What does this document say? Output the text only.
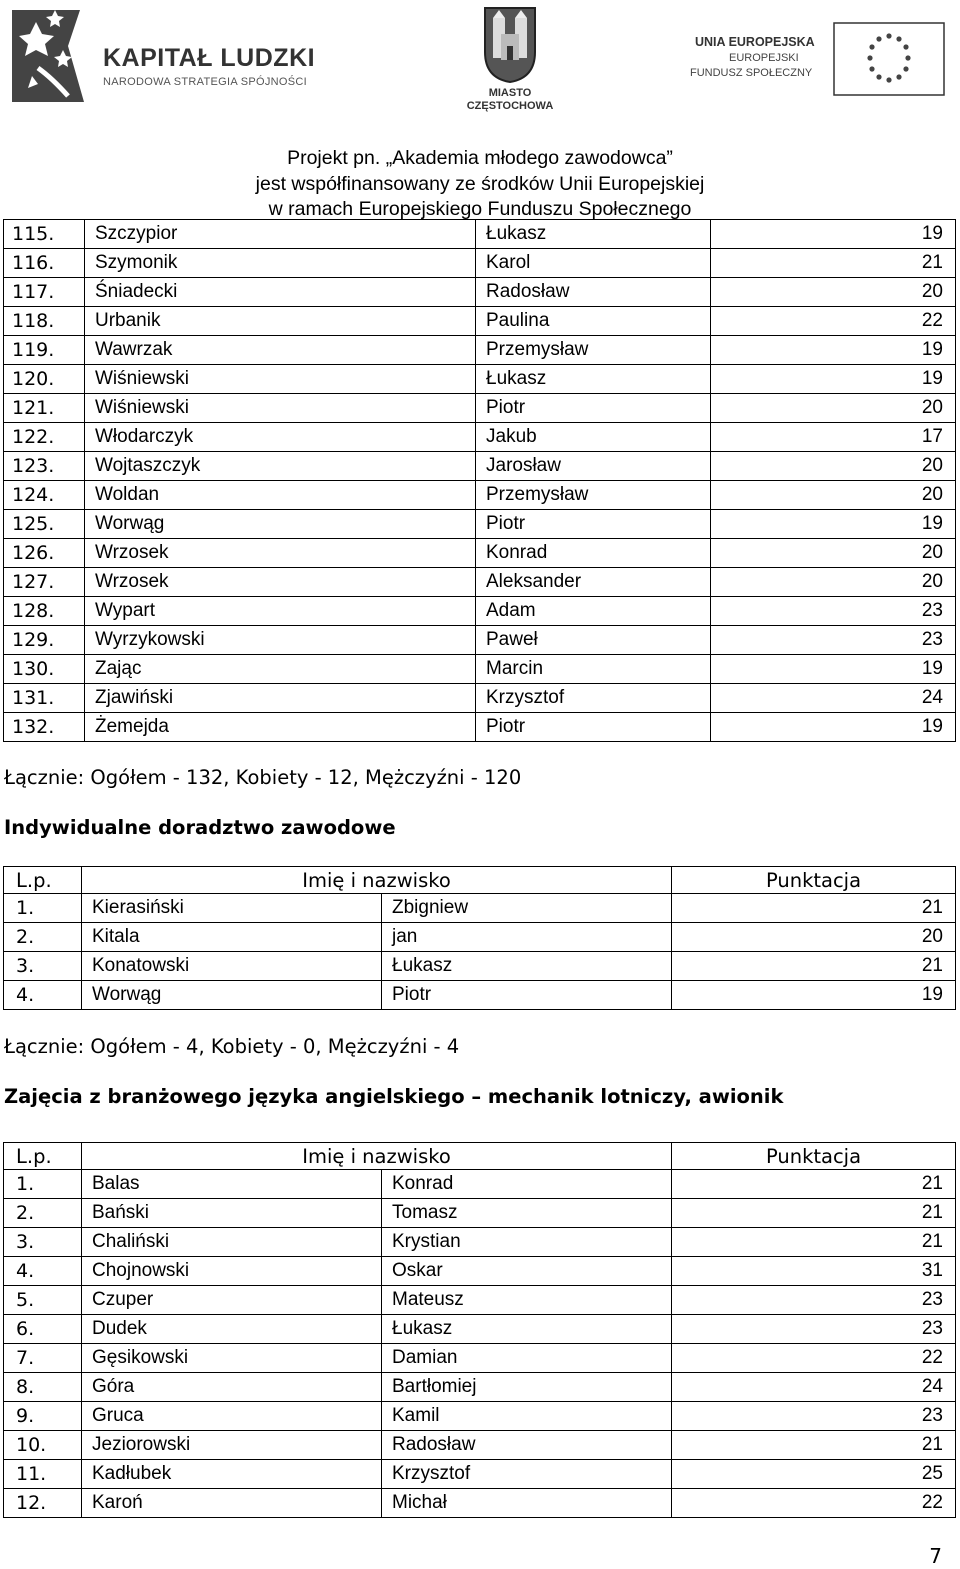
KAPITAŁ LUDZKI
NARODOWA STRATEGIA SPÓJNOŚCI
MIASTO
CZĘSTOCHOWA
UNIA EUROPEJSKA
EUROPEJSKI
FUNDUSZ SPOŁECZNY
Projekt pn. „Akademia młodego zawodowca”
jest współfinansowany ze środków Unii Europejskiej
w ramach Europejskiego Funduszu Społecznego
115.	Szczypior	Łukasz	19
116.	Szymonik	Karol	21
117.	Śniadecki	Radosław	20
118.	Urbanik	Paulina	22
119.	Wawrzak	Przemysław	19
120.	Wiśniewski	Łukasz	19
121.	Wiśniewski	Piotr	20
122.	Włodarczyk	Jakub	17
123.	Wojtaszczyk	Jarosław	20
124.	Woldan	Przemysław	20
125.	Worwąg	Piotr	19
126.	Wrzosek	Konrad	20
127.	Wrzosek	Aleksander	20
128.	Wypart	Adam	23
129.	Wyrzykowski	Paweł	23
130.	Zając	Marcin	19
131.	Zjawiński	Krzysztof	24
132.	Żemejda	Piotr	19
Łącznie: Ogółem - 132, Kobiety - 12, Mężczyźni - 120
Indywidualne doradztwo zawodowe
L.p.	Imię i nazwisko		Punktacja
1.	Kierasiński	Zbigniew	21
2.	Kitala	jan	20
3.	Konatowski	Łukasz	21
4.	Worwąg	Piotr	19
Łącznie: Ogółem - 4, Kobiety - 0, Mężczyźni - 4
Zajęcia z branżowego języka angielskiego – mechanik lotniczy, awionik
L.p.	Imię i nazwisko		Punktacja
1.	Balas	Konrad	21
2.	Bański	Tomasz	21
3.	Chaliński	Krystian	21
4.	Chojnowski	Oskar	31
5.	Czuper	Mateusz	23
6.	Dudek	Łukasz	23
7.	Gęsikowski	Damian	22
8.	Góra	Bartłomiej	24
9.	Gruca	Kamil	23
10.	Jeziorowski	Radosław	21
11.	Kadłubek	Krzysztof	25
12.	Karoń	Michał	22
7
